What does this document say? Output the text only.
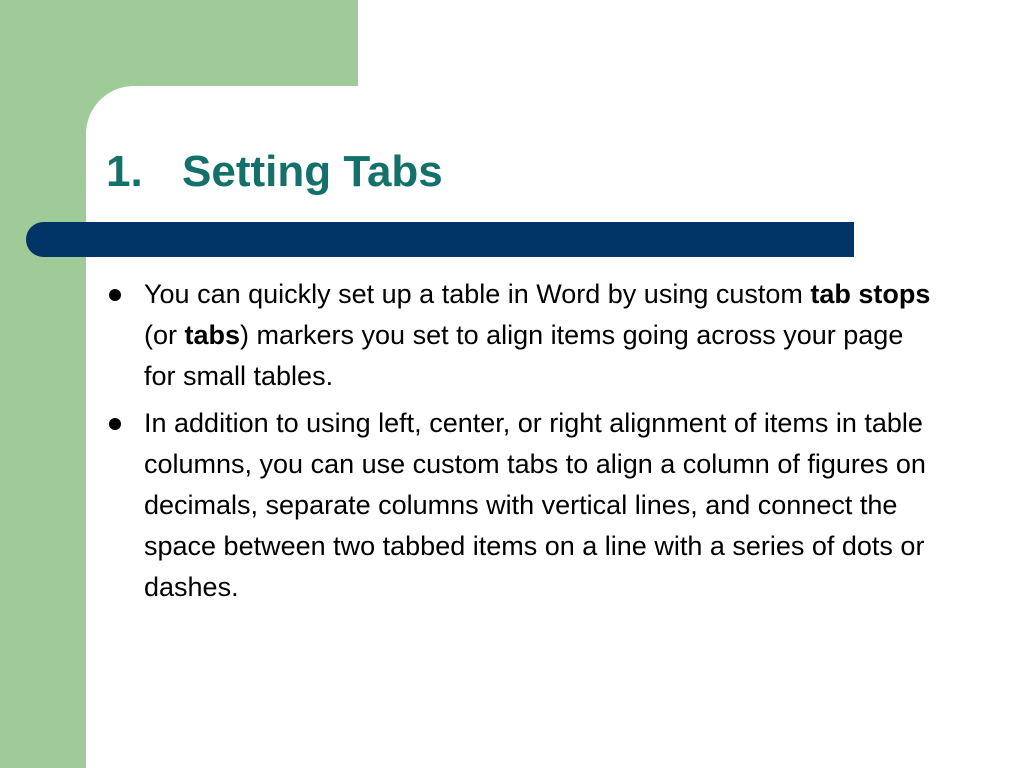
1. Setting Tabs
You can quickly set up a table in Word by using custom tab stops (or tabs) markers you set to align items going across your page for small tables.
In addition to using left, center, or right alignment of items in table columns, you can use custom tabs to align a column of figures on decimals, separate columns with vertical lines, and connect the space between two tabbed items on a line with a series of dots or dashes.
